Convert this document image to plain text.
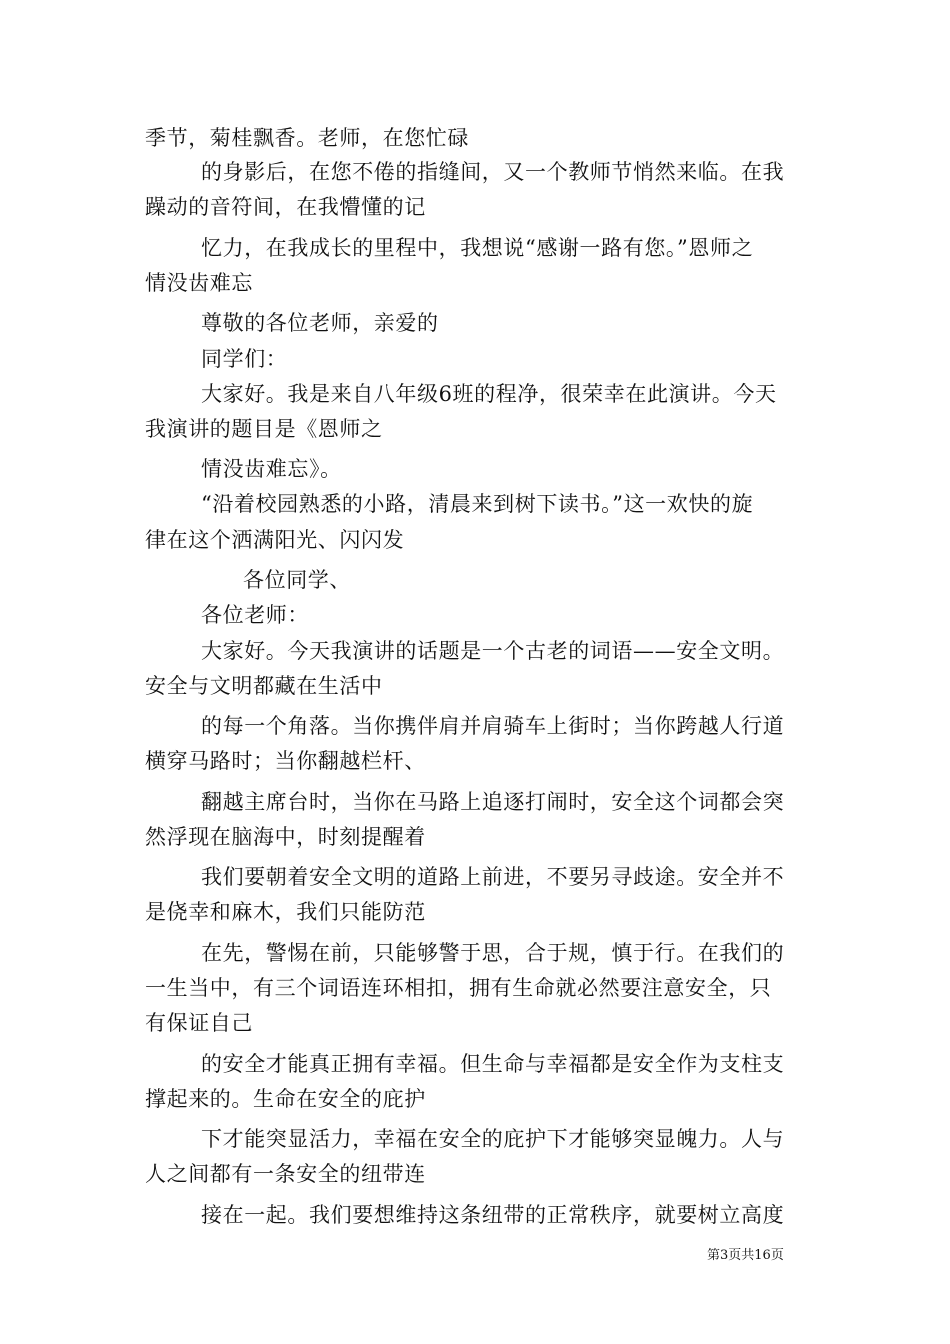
季节，菊桂飘香。老师，在您忙碌
的身影后，在您不倦的指缝间，又一个教师节悄然来临。在我
躁动的音符间，在我懵懂的记
忆力，在我成长的里程中，我想说“感谢一路有您。”恩师之
情没齿难忘
尊敬的各位老师，亲爱的
同学们：
大家好。我是来自八年级6班的程净，很荣幸在此演讲。今天
我演讲的题目是《恩师之
情没齿难忘》。
“沿着校园熟悉的小路，清晨来到树下读书。”这一欢快的旋
律在这个洒满阳光、闪闪发
各位同学、
各位老师：
大家好。今天我演讲的话题是一个古老的词语——安全文明。
安全与文明都藏在生活中
的每一个角落。当你携伴肩并肩骑车上街时；当你跨越人行道
横穿马路时；当你翻越栏杆、
翻越主席台时，当你在马路上追逐打闹时，安全这个词都会突
然浮现在脑海中，时刻提醒着
我们要朝着安全文明的道路上前进，不要另寻歧途。安全并不
是侥幸和麻木，我们只能防范
在先，警惕在前，只能够警于思，合于规，慎于行。在我们的
一生当中，有三个词语连环相扣，拥有生命就必然要注意安全，只
有保证自己
的安全才能真正拥有幸福。但生命与幸福都是安全作为支柱支
撑起来的。生命在安全的庇护
下才能突显活力，幸福在安全的庇护下才能够突显魄力。人与
人之间都有一条安全的纽带连
接在一起。我们要想维持这条纽带的正常秩序，就要树立高度
第3页共16页
